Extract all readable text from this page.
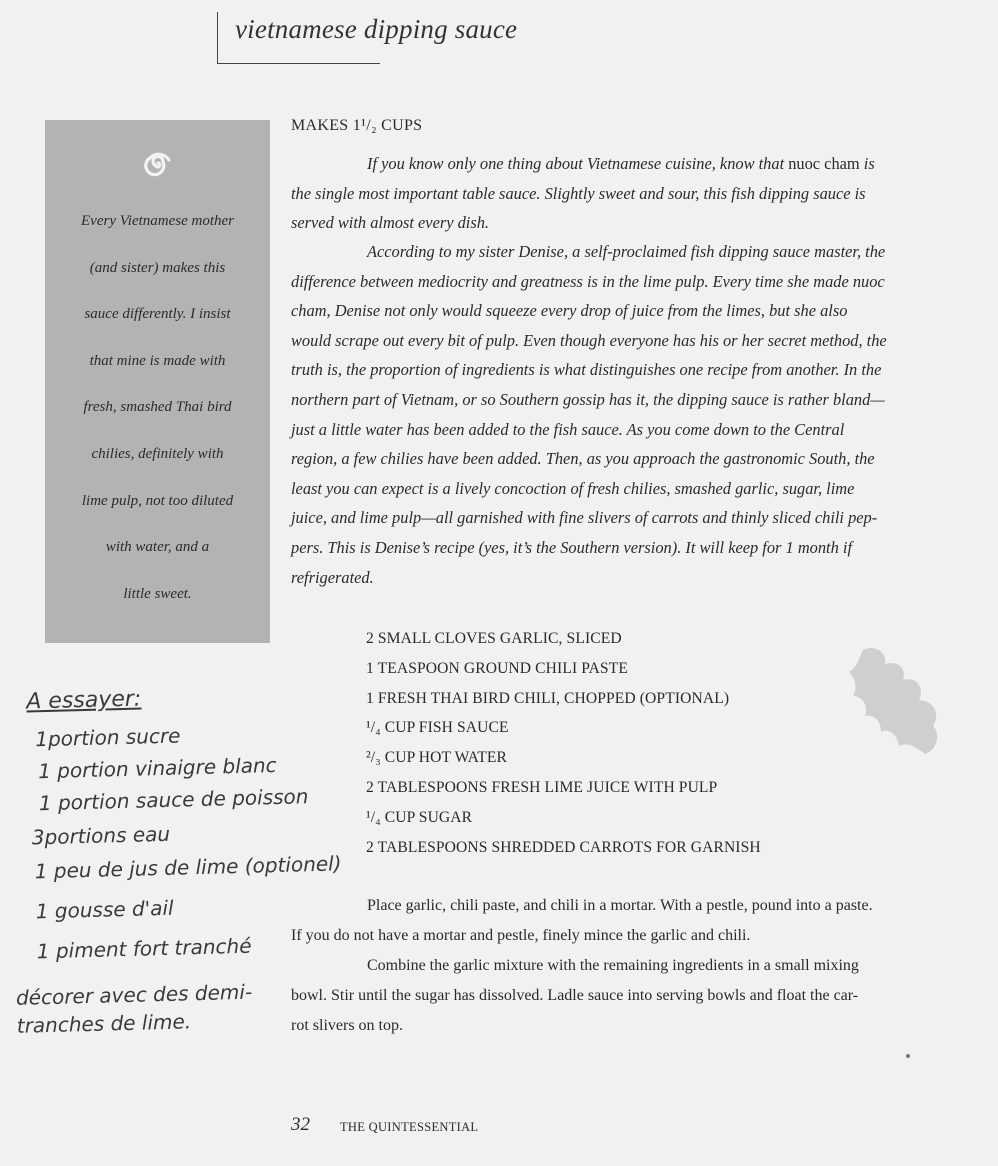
vietnamese dipping sauce
Every Vietnamese mother
(and sister) makes this
sauce differently. I insist
that mine is made with
fresh, smashed Thai bird
chilies, definitely with
lime pulp, not too diluted
with water, and a
little sweet.
MAKES 1¹/₂ CUPS
If you know only one thing about Vietnamese cuisine, know that nuoc cham is
the single most important table sauce. Slightly sweet and sour, this fish dipping sauce is
served with almost every dish.
According to my sister Denise, a self-proclaimed fish dipping sauce master, the
difference between mediocrity and greatness is in the lime pulp. Every time she made nuoc
cham, Denise not only would squeeze every drop of juice from the limes, but she also
would scrape out every bit of pulp. Even though everyone has his or her secret method, the
truth is, the proportion of ingredients is what distinguishes one recipe from another. In the
northern part of Vietnam, or so Southern gossip has it, the dipping sauce is rather bland—
just a little water has been added to the fish sauce. As you come down to the Central
region, a few chilies have been added. Then, as you approach the gastronomic South, the
least you can expect is a lively concoction of fresh chilies, smashed garlic, sugar, lime
juice, and lime pulp—all garnished with fine slivers of carrots and thinly sliced chili pep-
pers. This is Denise’s recipe (yes, it’s the Southern version). It will keep for 1 month if
refrigerated.
2 SMALL CLOVES GARLIC, SLICED
1 TEASPOON GROUND CHILI PASTE
1 FRESH THAI BIRD CHILI, CHOPPED (OPTIONAL)
¹/₄ CUP FISH SAUCE
²/₃ CUP HOT WATER
2 TABLESPOONS FRESH LIME JUICE WITH PULP
¹/₄ CUP SUGAR
2 TABLESPOONS SHREDDED CARROTS FOR GARNISH
Place garlic, chili paste, and chili in a mortar. With a pestle, pound into a paste.
If you do not have a mortar and pestle, finely mince the garlic and chili.
Combine the garlic mixture with the remaining ingredients in a small mixing
bowl. Stir until the sugar has dissolved. Ladle sauce into serving bowls and float the car-
rot slivers on top.
A essayer:
1portion sucre
1 portion vinaigre blanc
1 portion sauce de poisson
3portions eau
1 peu de jus de lime (optionel)
1 gousse d'ail
1 piment fort tranché
décorer avec des demi-
tranches de lime.
32 THE QUINTESSENTIAL
